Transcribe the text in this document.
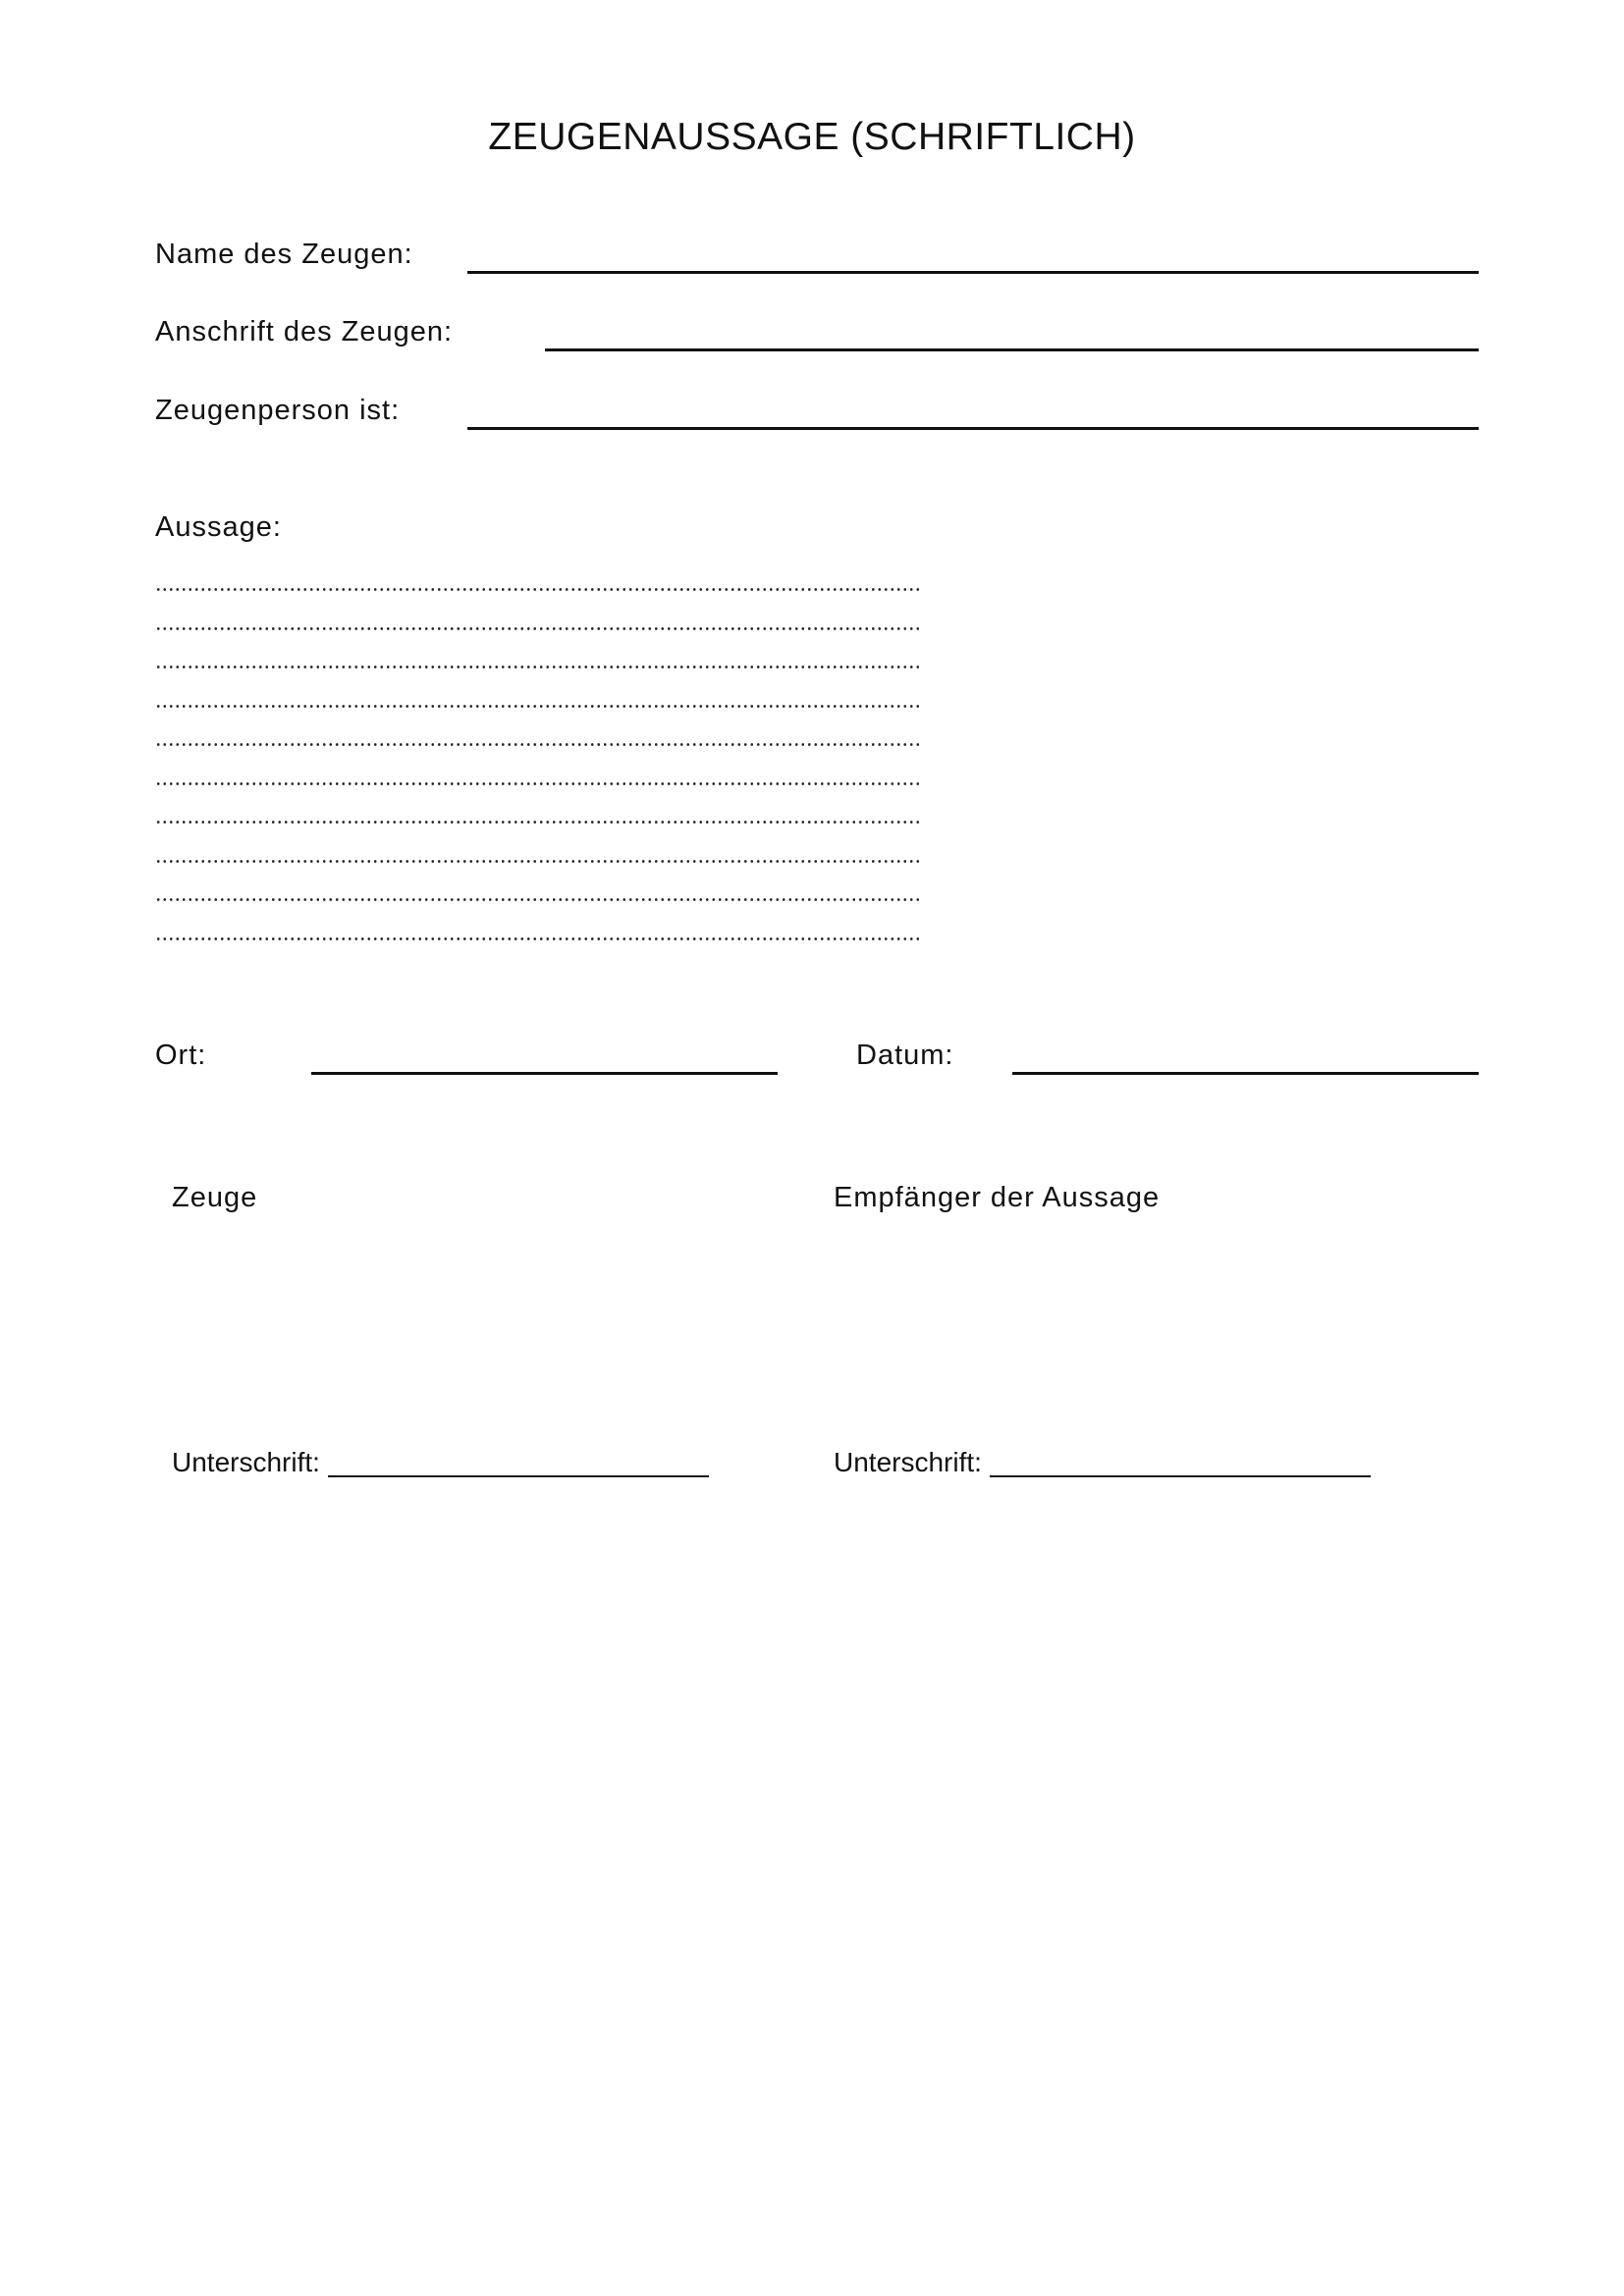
ZEUGENAUSSAGE (SCHRIFTLICH)
Name des Zeugen:
Anschrift des Zeugen:
Zeugenperson ist:
Aussage:
Ort:	Datum:
Zeuge	Empfänger der Aussage
Unterschrift:	Unterschrift:
